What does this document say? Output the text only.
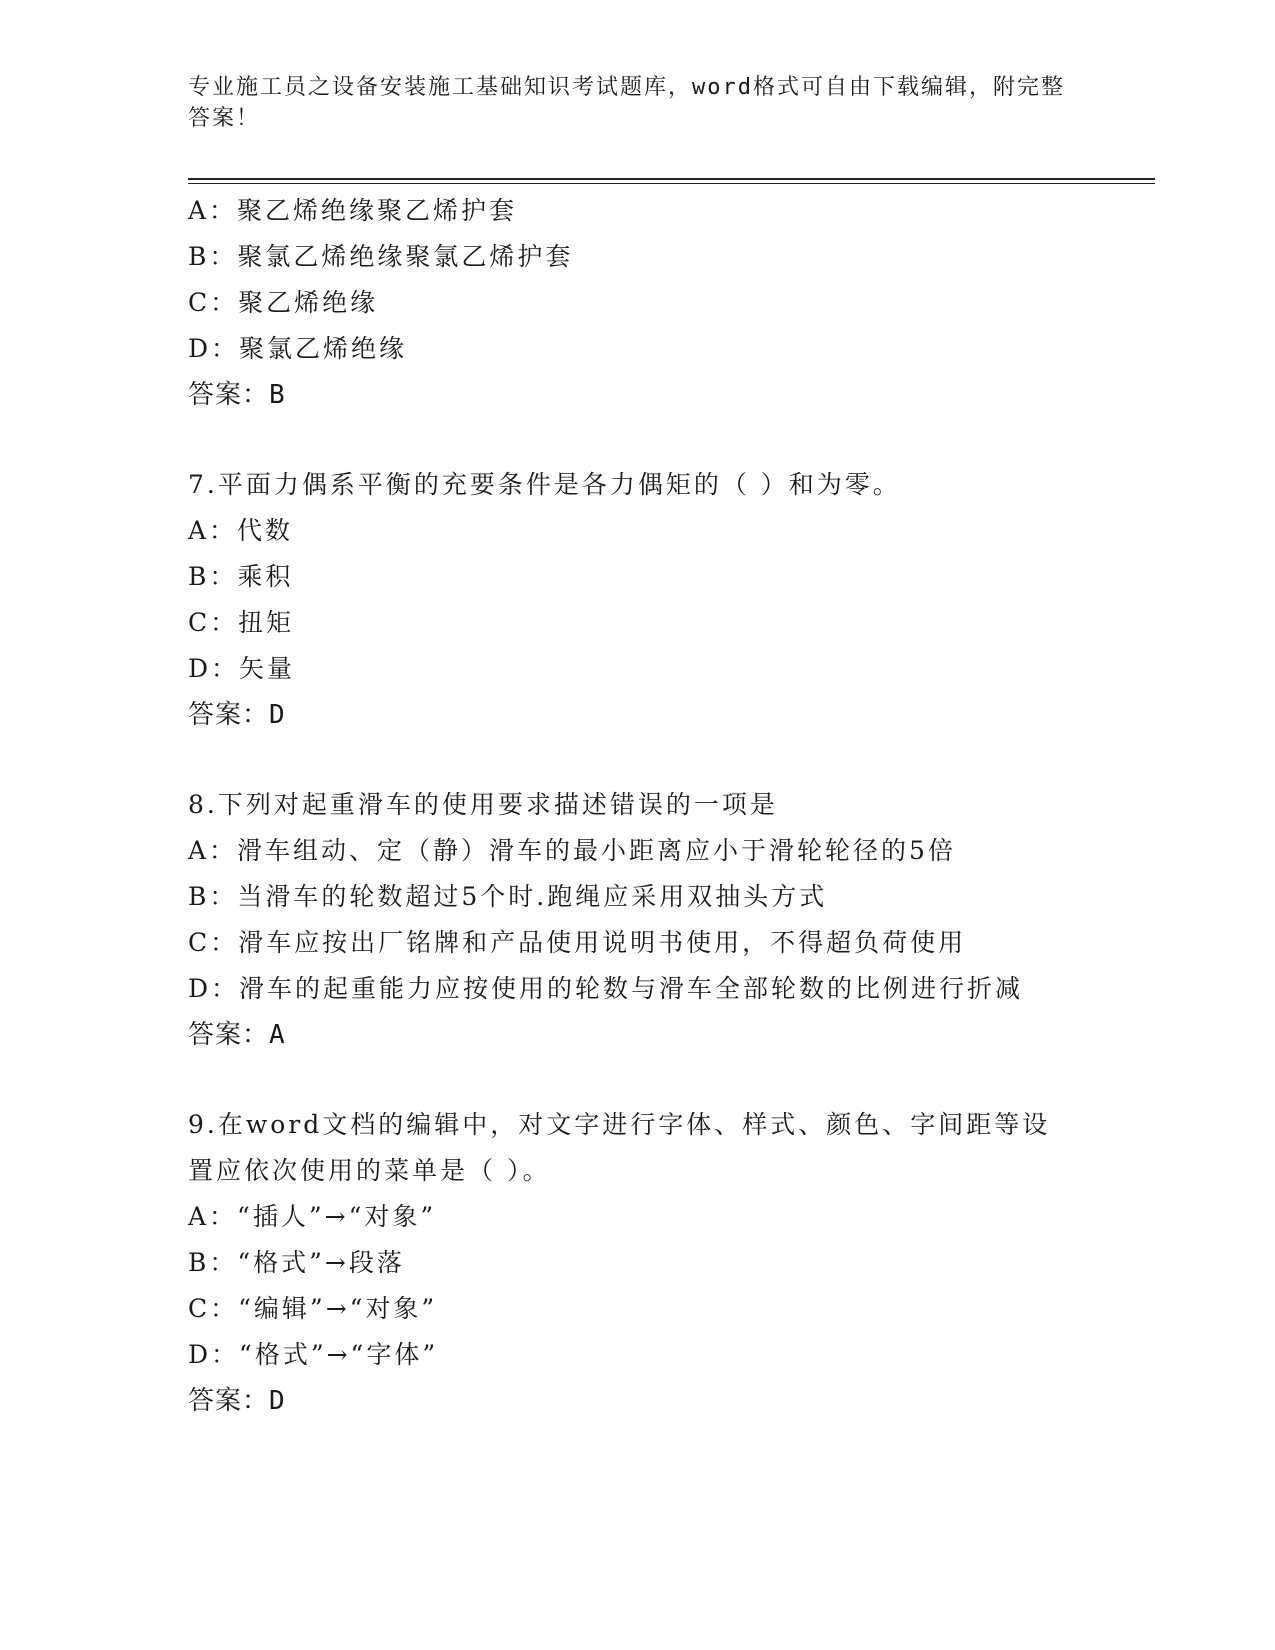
专业施工员之设备安装施工基础知识考试题库，word格式可自由下载编辑，附完整答案！
A：聚乙烯绝缘聚乙烯护套
B：聚氯乙烯绝缘聚氯乙烯护套
C：聚乙烯绝缘
D：聚氯乙烯绝缘
答案：B
7.平面力偶系平衡的充要条件是各力偶矩的（ ）和为零。
A：代数
B：乘积
C：扭矩
D：矢量
答案：D
8.下列对起重滑车的使用要求描述错误的一项是
A：滑车组动、定（静）滑车的最小距离应小于滑轮轮径的5倍
B：当滑车的轮数超过5个时.跑绳应采用双抽头方式
C：滑车应按出厂铭牌和产品使用说明书使用，不得超负荷使用
D：滑车的起重能力应按使用的轮数与滑车全部轮数的比例进行折减
答案：A
9.在word文档的编辑中，对文字进行字体、样式、颜色、字间距等设置应依次使用的菜单是（ ）。
A：“插人”→“对象”
B：“格式”→段落
C：“编辑”→“对象”
D：“格式”→“字体”
答案：D
